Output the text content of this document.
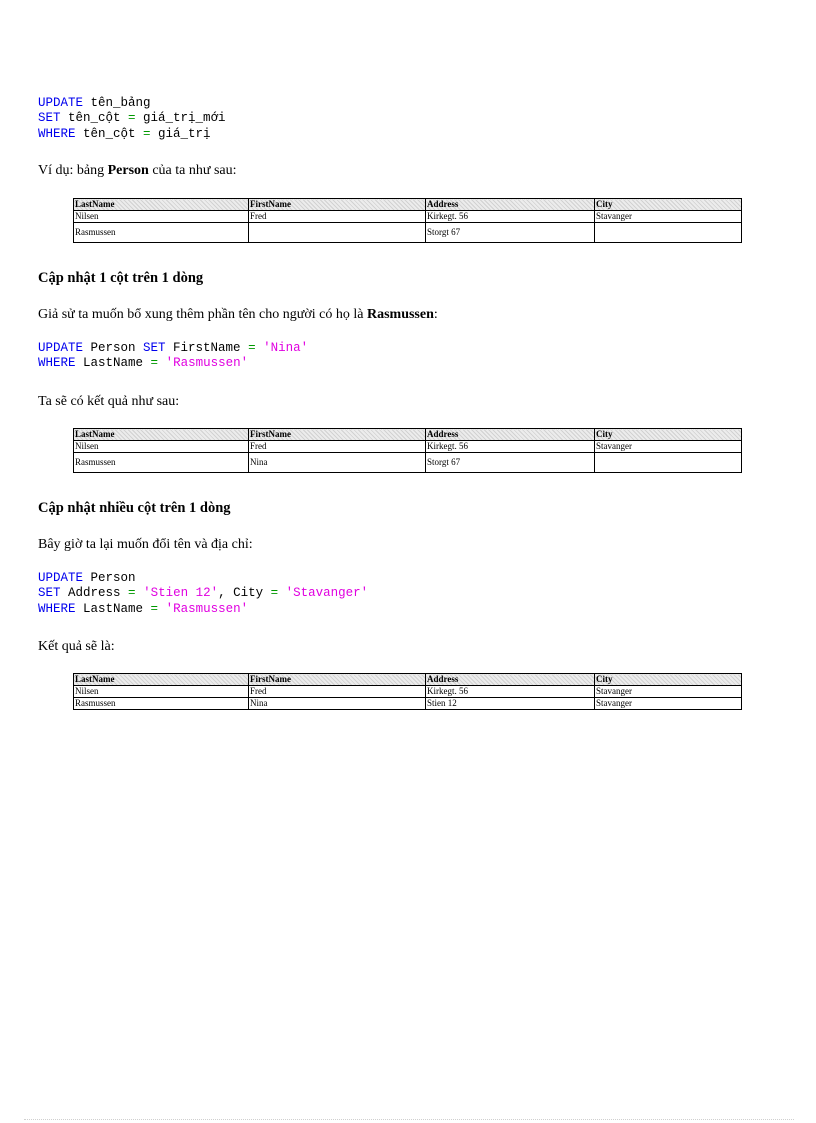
UPDATE tên_bảng
SET tên_cột = giá_trị_mới
WHERE tên_cột = giá_trị

Ví dụ: bảng Person của ta như sau:

LastName	FirstName	Address	City
Nilsen	Fred	Kirkegt. 56	Stavanger
Rasmussen		Storgt 67	
Cập nhật 1 cột trên 1 dòng

Giả sử ta muốn bổ xung thêm phần tên cho người có họ là Rasmussen:

UPDATE Person SET FirstName = 'Nina'
WHERE LastName = 'Rasmussen'

Ta sẽ có kết quả như sau:

LastName	FirstName	Address	City
Nilsen	Fred	Kirkegt. 56	Stavanger
Rasmussen	Nina	Storgt 67	
Cập nhật nhiều cột trên 1 dòng

Bây giờ ta lại muốn đổi tên và địa chỉ:

UPDATE Person
SET Address = 'Stien 12', City = 'Stavanger'
WHERE LastName = 'Rasmussen'

Kết quả sẽ là:

LastName	FirstName	Address	City
Nilsen	Fred	Kirkegt. 56	Stavanger
Rasmussen	Nina	Stien 12	Stavanger
